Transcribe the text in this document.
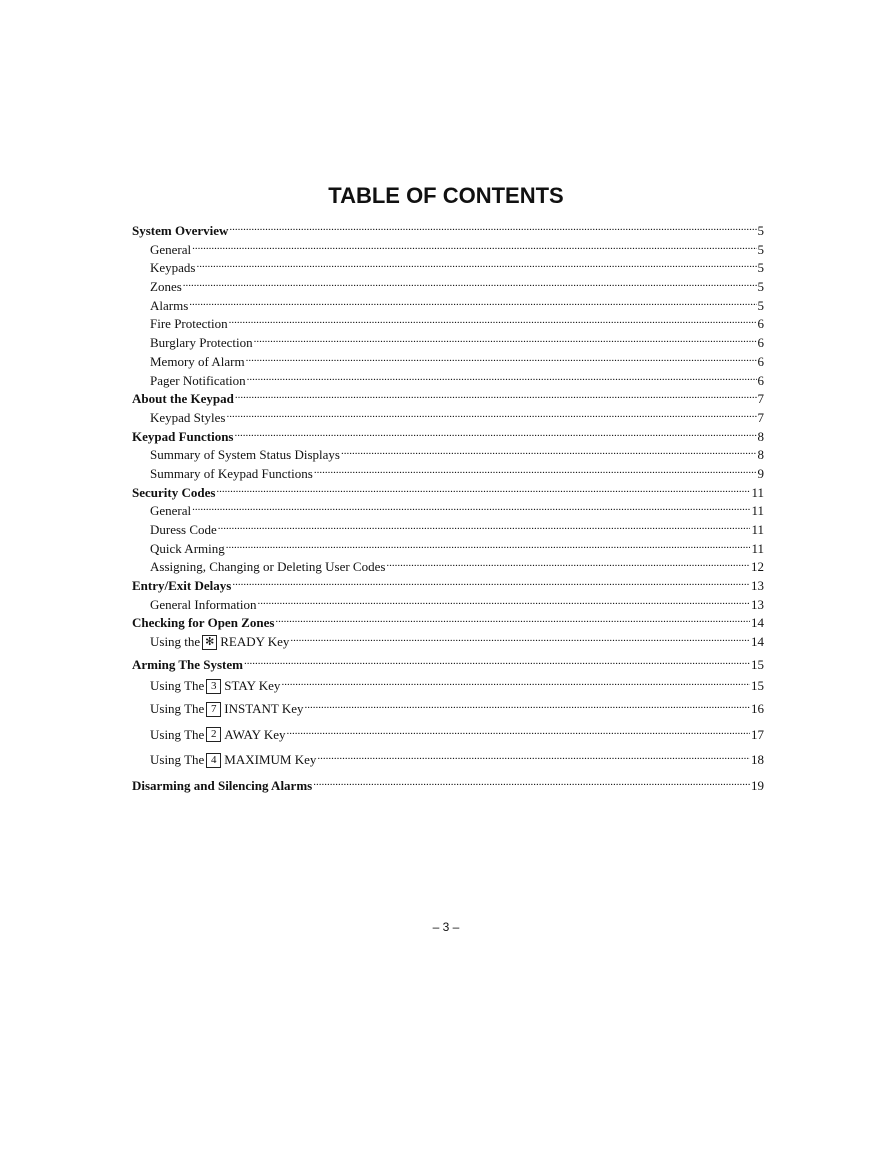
TABLE OF CONTENTS
System Overview .....	5
General .....	5
Keypads .....	5
Zones .....	5
Alarms .....	5
Fire Protection .....	6
Burglary Protection .....	6
Memory of Alarm .....	6
Pager Notification .....	6
About the Keypad .....	7
Keypad Styles .....	7
Keypad Functions .....	8
Summary of System Status Displays .....	8
Summary of Keypad Functions .....	9
Security Codes .....	11
General .....	11
Duress Code .....	11
Quick Arming .....	11
Assigning, Changing or Deleting User Codes .....	12
Entry/Exit Delays .....	13
General Information .....	13
Checking for Open Zones .....	14
Using the ✻ READY Key .....	14
Arming The System .....	15
Using The 3 STAY Key .....	15
Using The 7 INSTANT Key .....	16
Using The 2 AWAY Key .....	17
Using The 4 MAXIMUM Key .....	18
Disarming and Silencing Alarms .....	19
– 3 –
